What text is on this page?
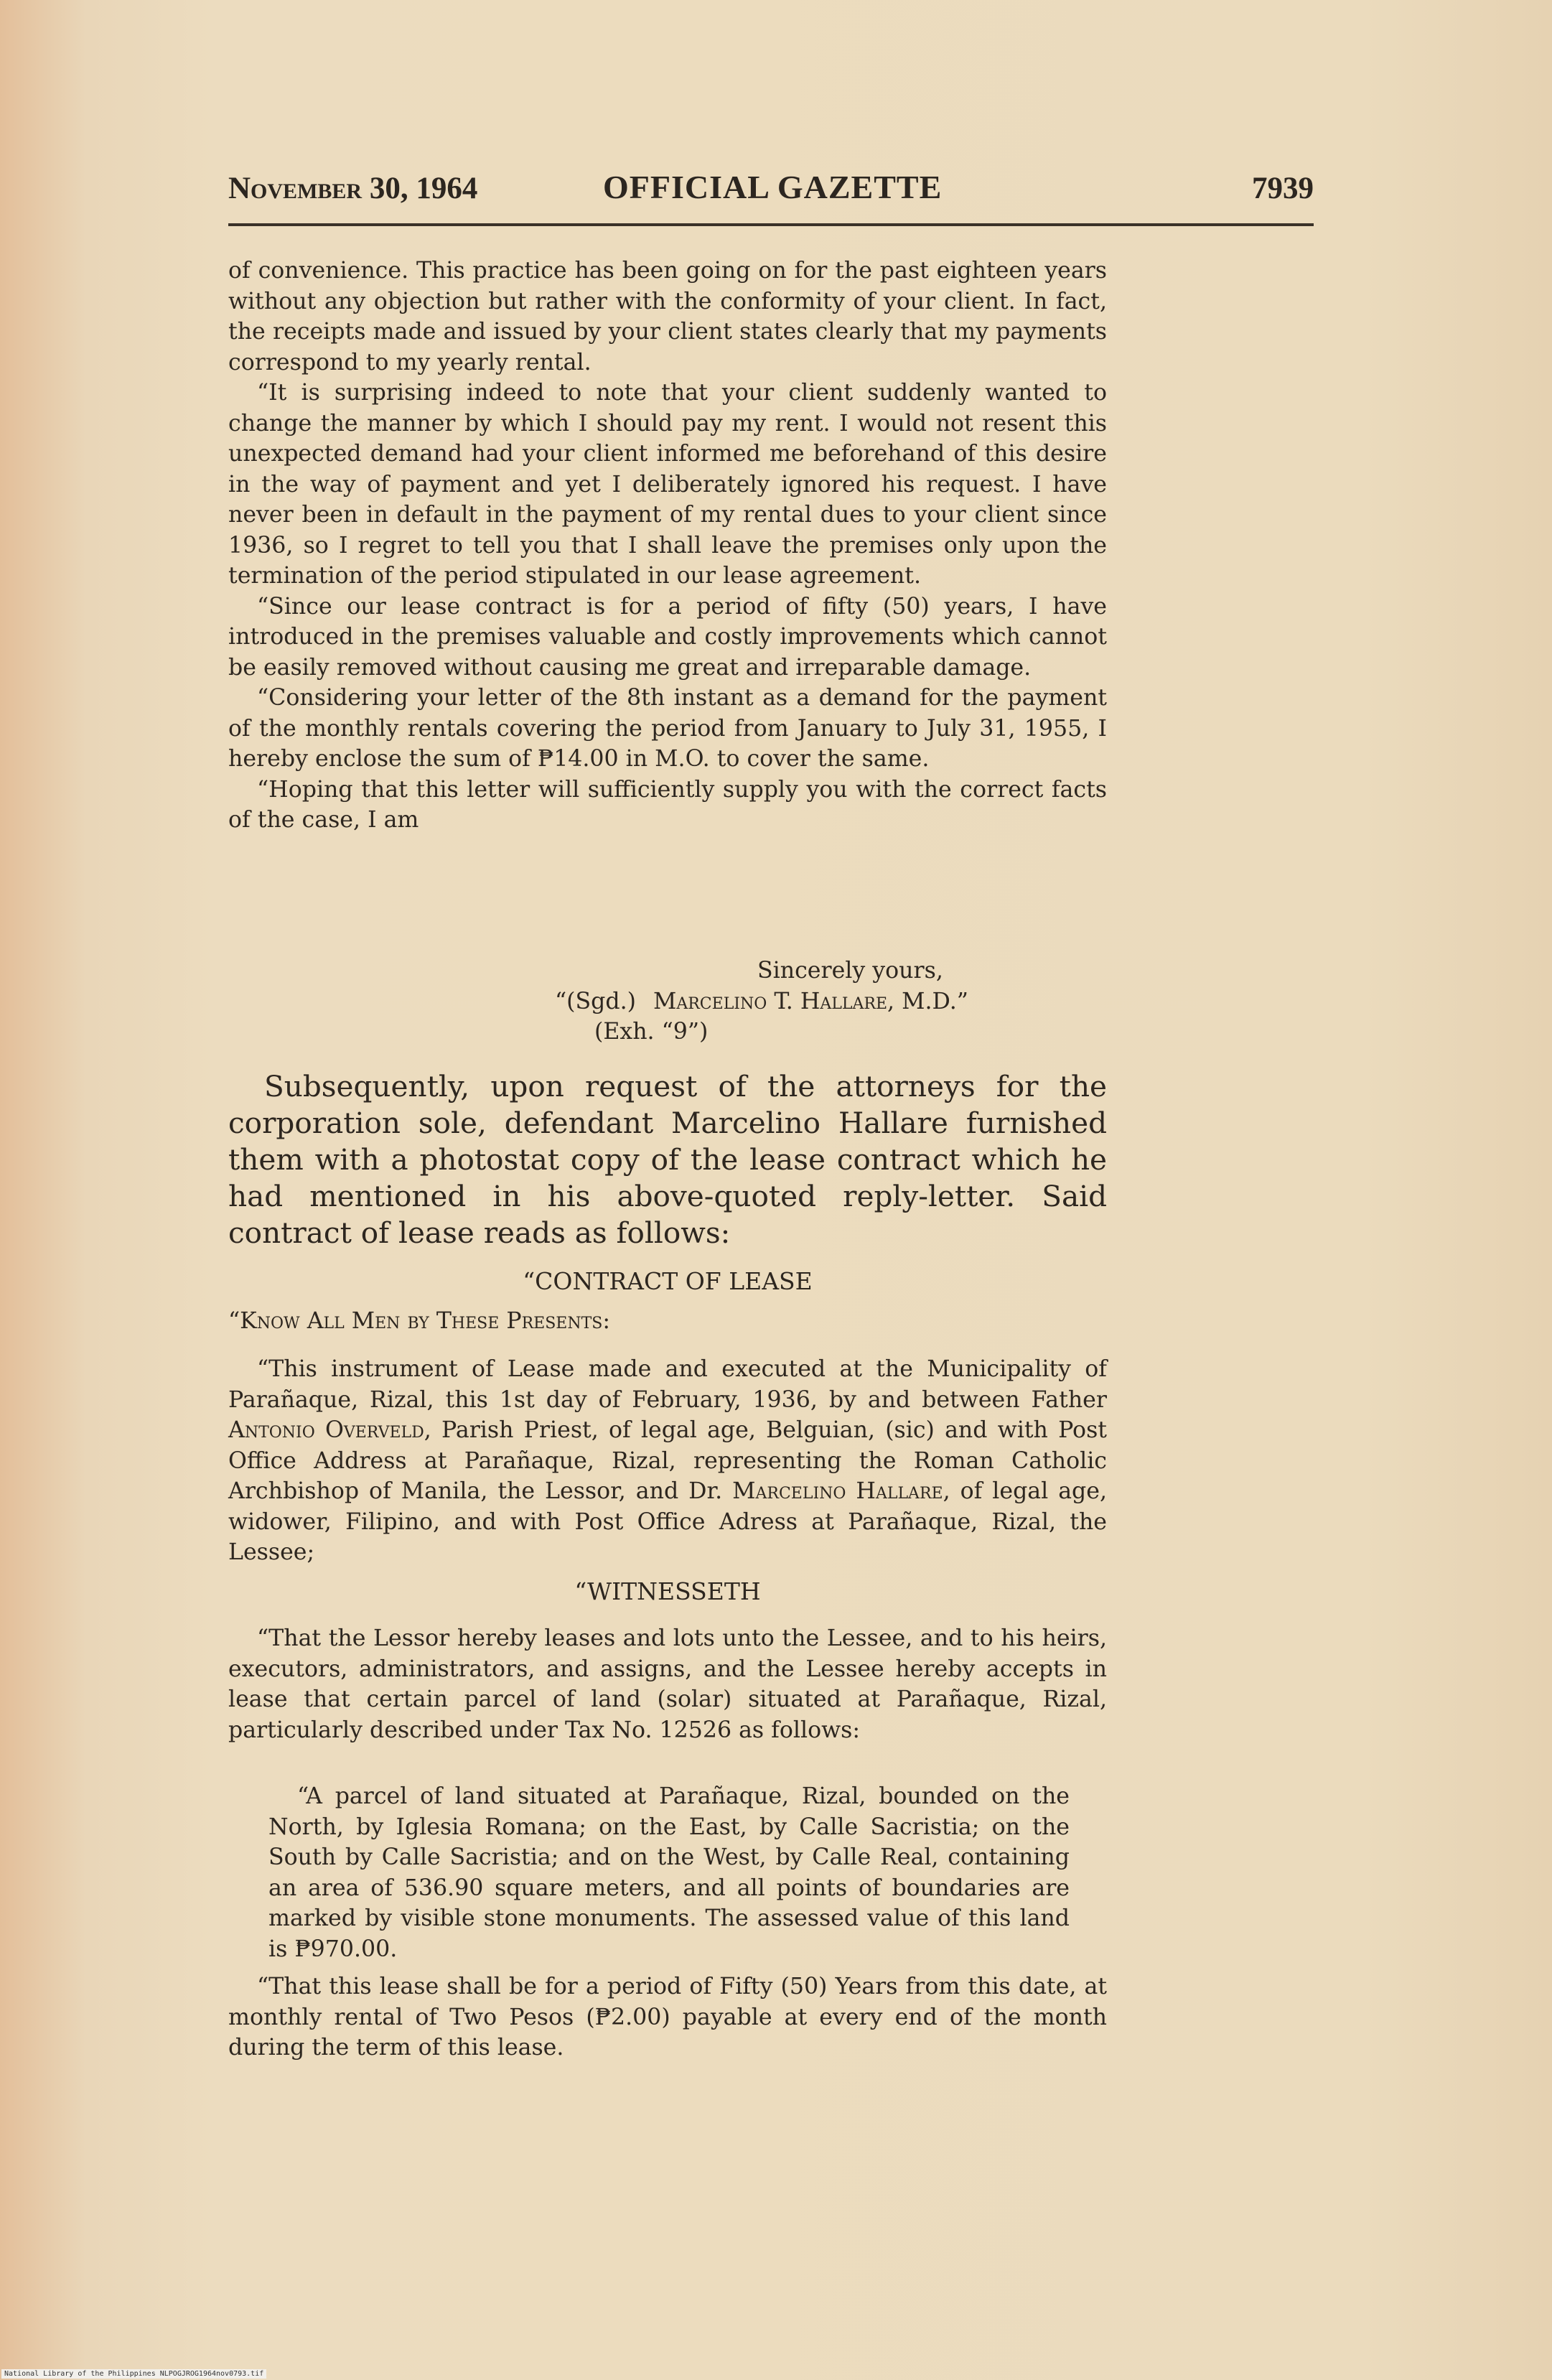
November 30, 1964	OFFICIAL GAZETTE	7939

of convenience. This practice has been going on for the past eighteen years without any objection but rather with the conformity of your client. In fact, the receipts made and issued by your client states clearly that my payments correspond to my yearly rental.

“It is surprising indeed to note that your client suddenly wanted to change the manner by which I should pay my rent. I would not resent this unexpected demand had your client informed me beforehand of this desire in the way of payment and yet I deliberately ignored his request. I have never been in default in the payment of my rental dues to your client since 1936, so I regret to tell you that I shall leave the premises only upon the termination of the period stipulated in our lease agreement.

“Since our lease contract is for a period of fifty (50) years, I have introduced in the premises valuable and costly improvements which cannot be easily removed without causing me great and irreparable damage.

“Considering your letter of the 8th instant as a demand for the payment of the monthly rentals covering the period from January to July 31, 1955, I hereby enclose the sum of ₱14.00 in M.O. to cover the same.

“Hoping that this letter will sufficiently supply you with the correct facts of the case, I am

Sincerely yours,
“(Sgd.) Marcelino T. Hallare, M.D.”
(Exh. “9”)

Subsequently, upon request of the attorneys for the corporation sole, defendant Marcelino Hallare furnished them with a photostat copy of the lease contract which he had mentioned in his above-quoted reply-letter. Said contract of lease reads as follows:

“CONTRACT OF LEASE
“Know All Men by These Presents:

“This instrument of Lease made and executed at the Municipality of Parañaque, Rizal, this 1st day of February, 1936, by and between Father Antonio Overveld, Parish Priest, of legal age, Belguian, (sic) and with Post Office Address at Parañaque, Rizal, representing the Roman Catholic Archbishop of Manila, the Lessor, and Dr. Marcelino Hallare, of legal age, widower, Filipino, and with Post Office Adress at Parañaque, Rizal, the Lessee;

“WITNESSETH

“That the Lessor hereby leases and lots unto the Lessee, and to his heirs, executors, administrators, and assigns, and the Lessee hereby accepts in lease that certain parcel of land (solar) situated at Parañaque, Rizal, particularly described under Tax No. 12526 as follows:

“A parcel of land situated at Parañaque, Rizal, bounded on the North, by Iglesia Romana; on the East, by Calle Sacristia; on the South by Calle Sacristia; and on the West, by Calle Real, containing an area of 536.90 square meters, and all points of boundaries are marked by visible stone monuments. The assessed value of this land is ₱970.00.

“That this lease shall be for a period of Fifty (50) Years from this date, at monthly rental of Two Pesos (₱2.00) payable at every end of the month during the term of this lease.

National Library of the Philippines NLPOGJROG1964nov0793.tif
